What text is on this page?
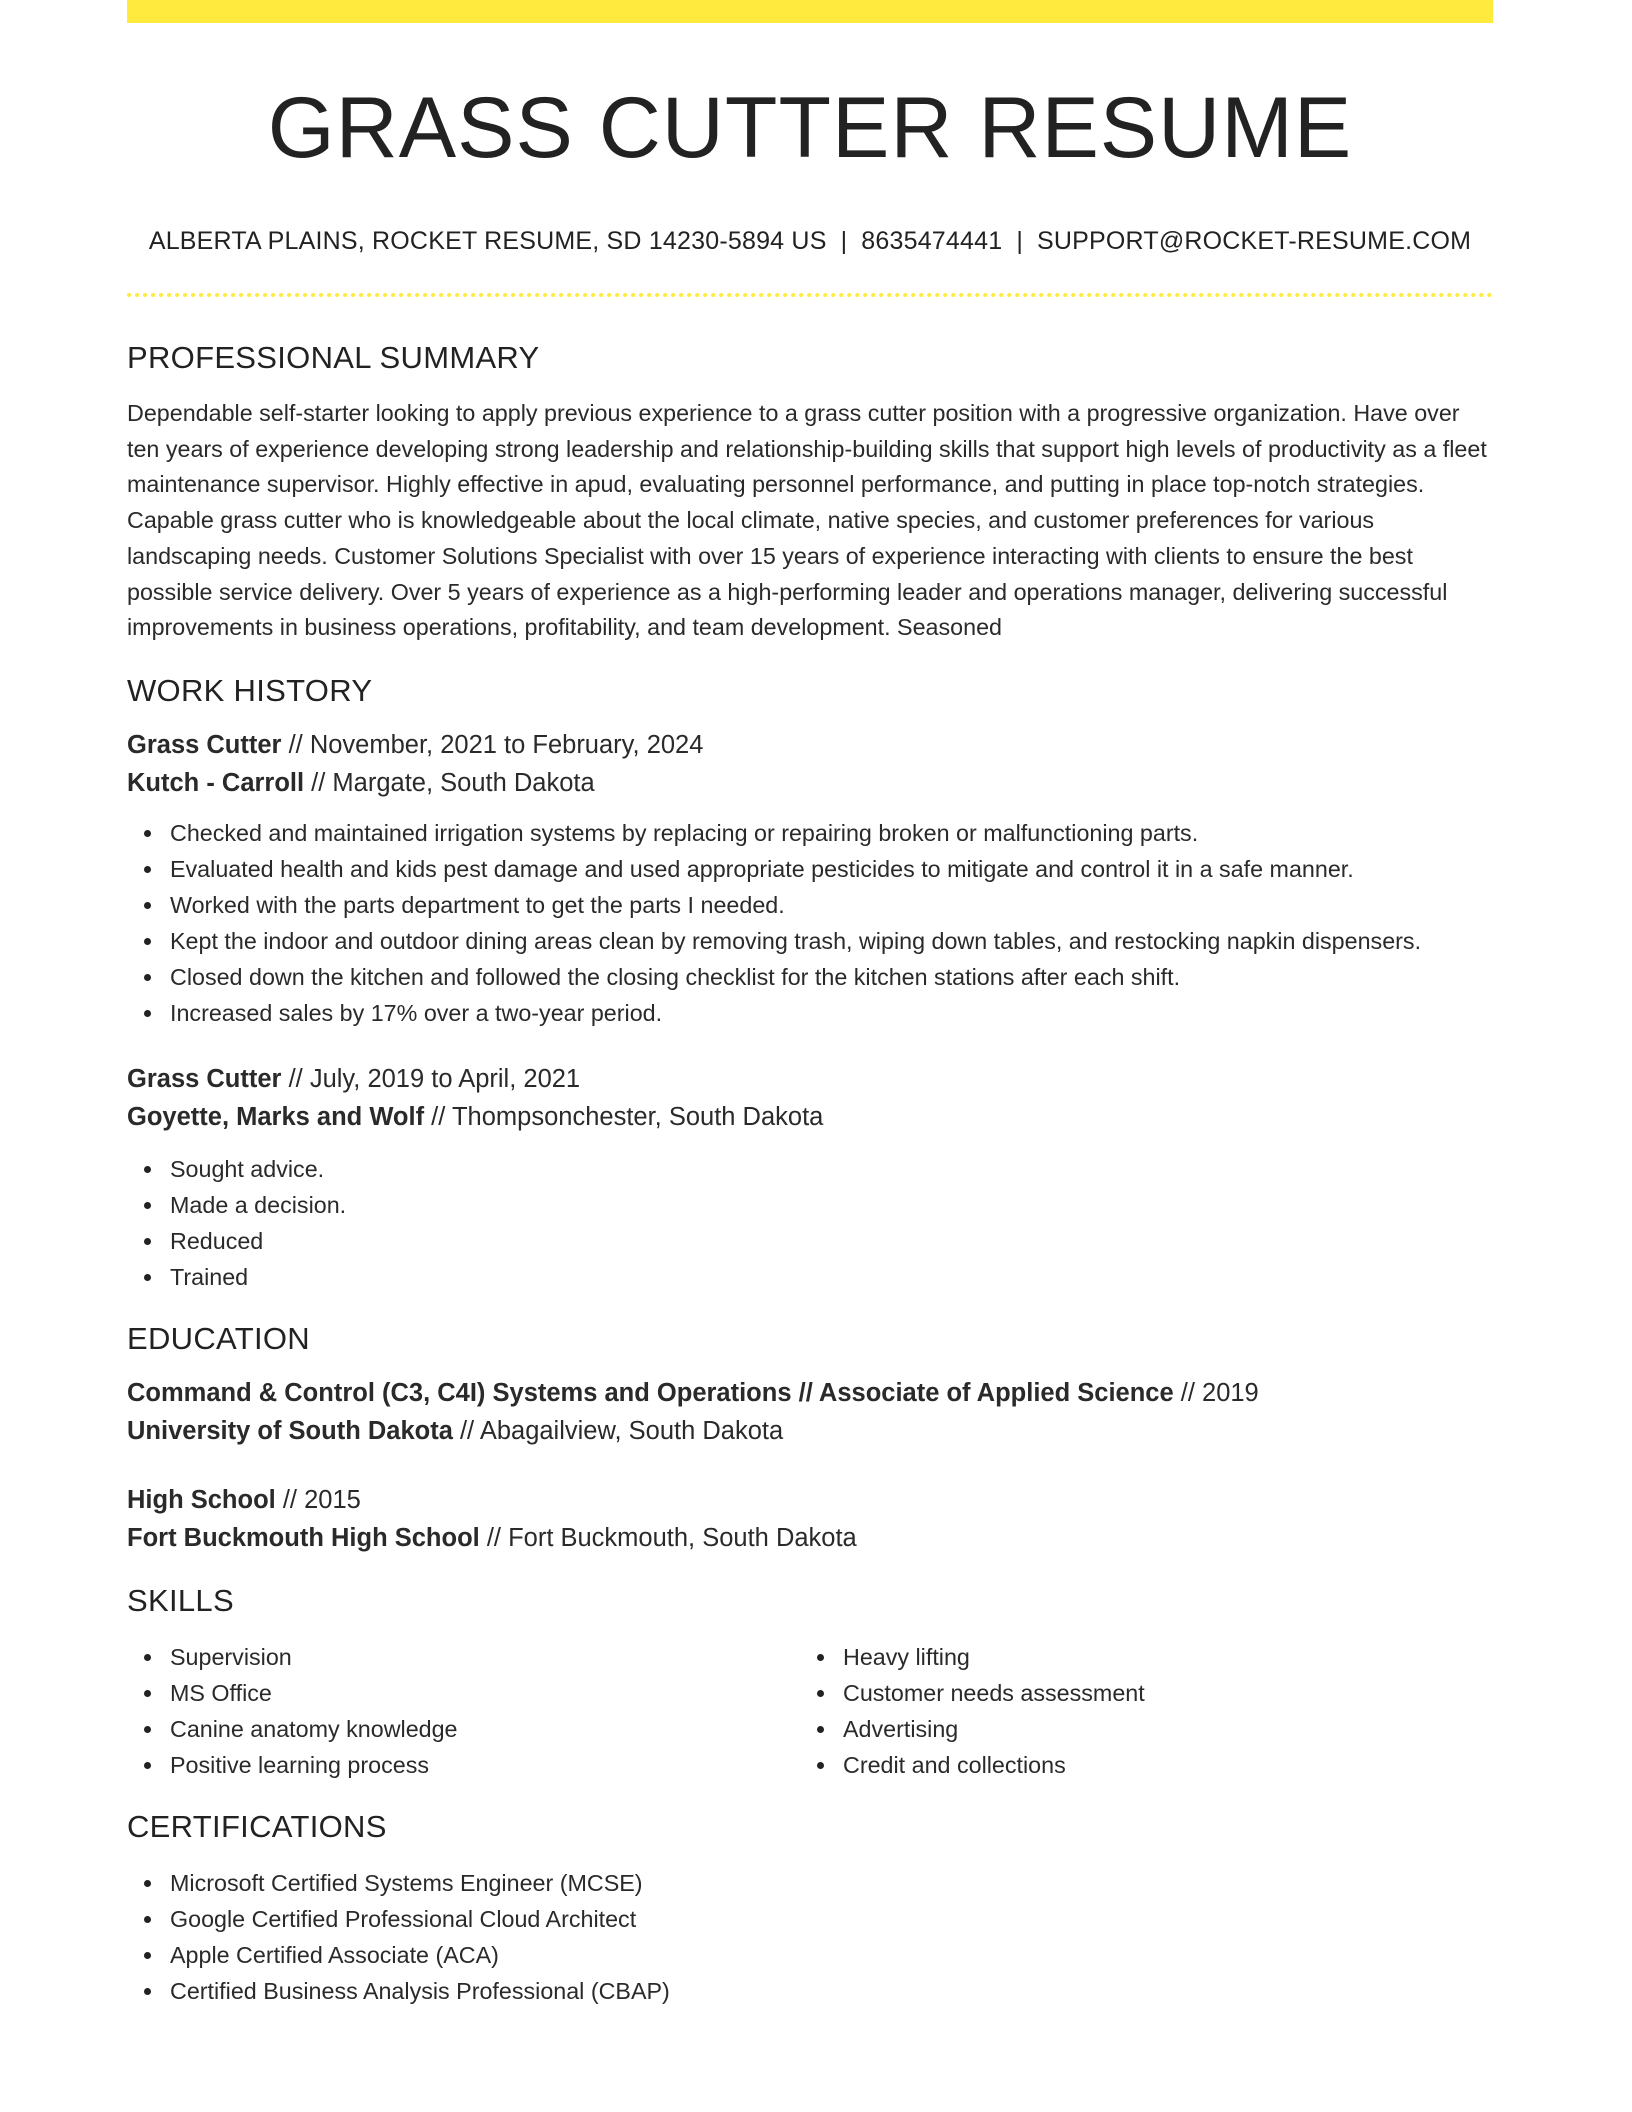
GRASS CUTTER RESUME
ALBERTA PLAINS, ROCKET RESUME, SD 14230-5894 US | 8635474441 | SUPPORT@ROCKET-RESUME.COM
PROFESSIONAL SUMMARY

Dependable self-starter looking to apply previous experience to a grass cutter position with a progressive organization. Have over ten years of experience developing strong leadership and relationship-building skills that support high levels of productivity as a fleet maintenance supervisor. Highly effective in apud, evaluating personnel performance, and putting in place top-notch strategies. Capable grass cutter who is knowledgeable about the local climate, native species, and customer preferences for various landscaping needs. Customer Solutions Specialist with over 15 years of experience interacting with clients to ensure the best possible service delivery. Over 5 years of experience as a high-performing leader and operations manager, delivering successful improvements in business operations, profitability, and team development. Seasoned

WORK HISTORY
Grass Cutter // November, 2021 to February, 2024
Kutch - Carroll // Margate, South Dakota
Checked and maintained irrigation systems by replacing or repairing broken or malfunctioning parts.
Evaluated health and kids pest damage and used appropriate pesticides to mitigate and control it in a safe manner.
Worked with the parts department to get the parts I needed.
Kept the indoor and outdoor dining areas clean by removing trash, wiping down tables, and restocking napkin dispensers.
Closed down the kitchen and followed the closing checklist for the kitchen stations after each shift.
Increased sales by 17% over a two-year period.
Grass Cutter // July, 2019 to April, 2021
Goyette, Marks and Wolf // Thompsonchester, South Dakota
Sought advice.
Made a decision.
Reduced
Trained
EDUCATION
Command & Control (C3, C4I) Systems and Operations // Associate of Applied Science // 2019
University of South Dakota // Abagailview, South Dakota
High School // 2015
Fort Buckmouth High School // Fort Buckmouth, South Dakota
SKILLS
Supervision
MS Office
Canine anatomy knowledge
Positive learning process
Heavy lifting
Customer needs assessment
Advertising
Credit and collections
CERTIFICATIONS
Microsoft Certified Systems Engineer (MCSE)
Google Certified Professional Cloud Architect
Apple Certified Associate (ACA)
Certified Business Analysis Professional (CBAP)
